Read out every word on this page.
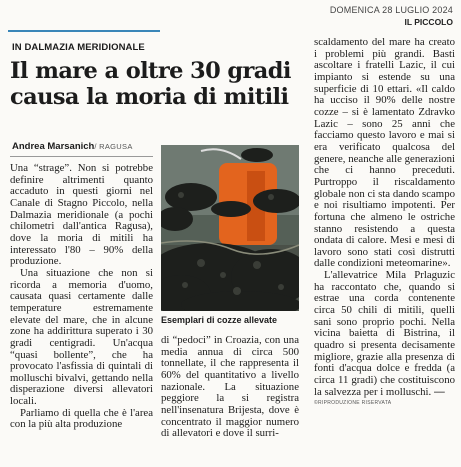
DOMENICA 28 LUGLIO 2024
IL PICCOLO
IN DALMAZIA MERIDIONALE
Il mare a oltre 30 gradi causa la moria di mitili
Andrea Marsanich/ RAGUSA

Una “strage”. Non si potrebbe definire altrimenti quanto accaduto in questi giorni nel Canale di Stagno Piccolo, nella Dalmazia meridionale (a pochi chilometri dall'antica Ragusa), dove la moria di mitili ha interessato l'80 – 90% della produzione.

Una situazione che non si ricorda a memoria d'uomo, causata quasi certamente dalle temperature estremamente elevate del mare, che in alcune zone ha addirittura superato i 30 gradi centigradi. Un'acqua “quasi bollente”, che ha provocato l'asfissia di quintali di molluschi bivalvi, gettando nella disperazione diversi allevatori locali.

Parliamo di quella che è l'area con la più alta produzione

Esemplari di cozze allevate

di “pedoci” in Croazia, con una media annua di circa 500 tonnellate, il che rappresenta il 60% del quantitativo a livello nazionale. La situazione peggiore la si registra nell'insenatura Brijesta, dove è concentrato il maggior numero di allevatori e dove il surri-

scaldamento del mare ha creato i problemi più grandi. Basti ascoltare i fratelli Lazic, il cui impianto si estende su una superficie di 10 ettari. «Il caldo ha ucciso il 90% delle nostre cozze – si è lamentato Zdravko Lazic – sono 25 anni che facciamo questo lavoro e mai si era verificato qualcosa del genere, neanche alle generazioni che ci hanno preceduti. Purtroppo il riscaldamento globale non ci sta dando scampo e noi risultiamo impotenti. Per fortuna che almeno le ostriche stanno resistendo a questa ondata di calore. Mesi e mesi di lavoro sono stati così distrutti dalle condizioni meteomarine».

L'allevatrice Mila Prlaguzic ha raccontato che, quando si estrae una corda contenente circa 50 chili di mitili, quelli sani sono proprio pochi. Nella vicina baietta di Bistrina, il quadro si presenta decisamente migliore, grazie alla presenza di fonti d'acqua dolce e fredda (a circa 11 gradi) che costituiscono la salvezza per i molluschi. —

©RIPRODUZIONE RISERVATA
